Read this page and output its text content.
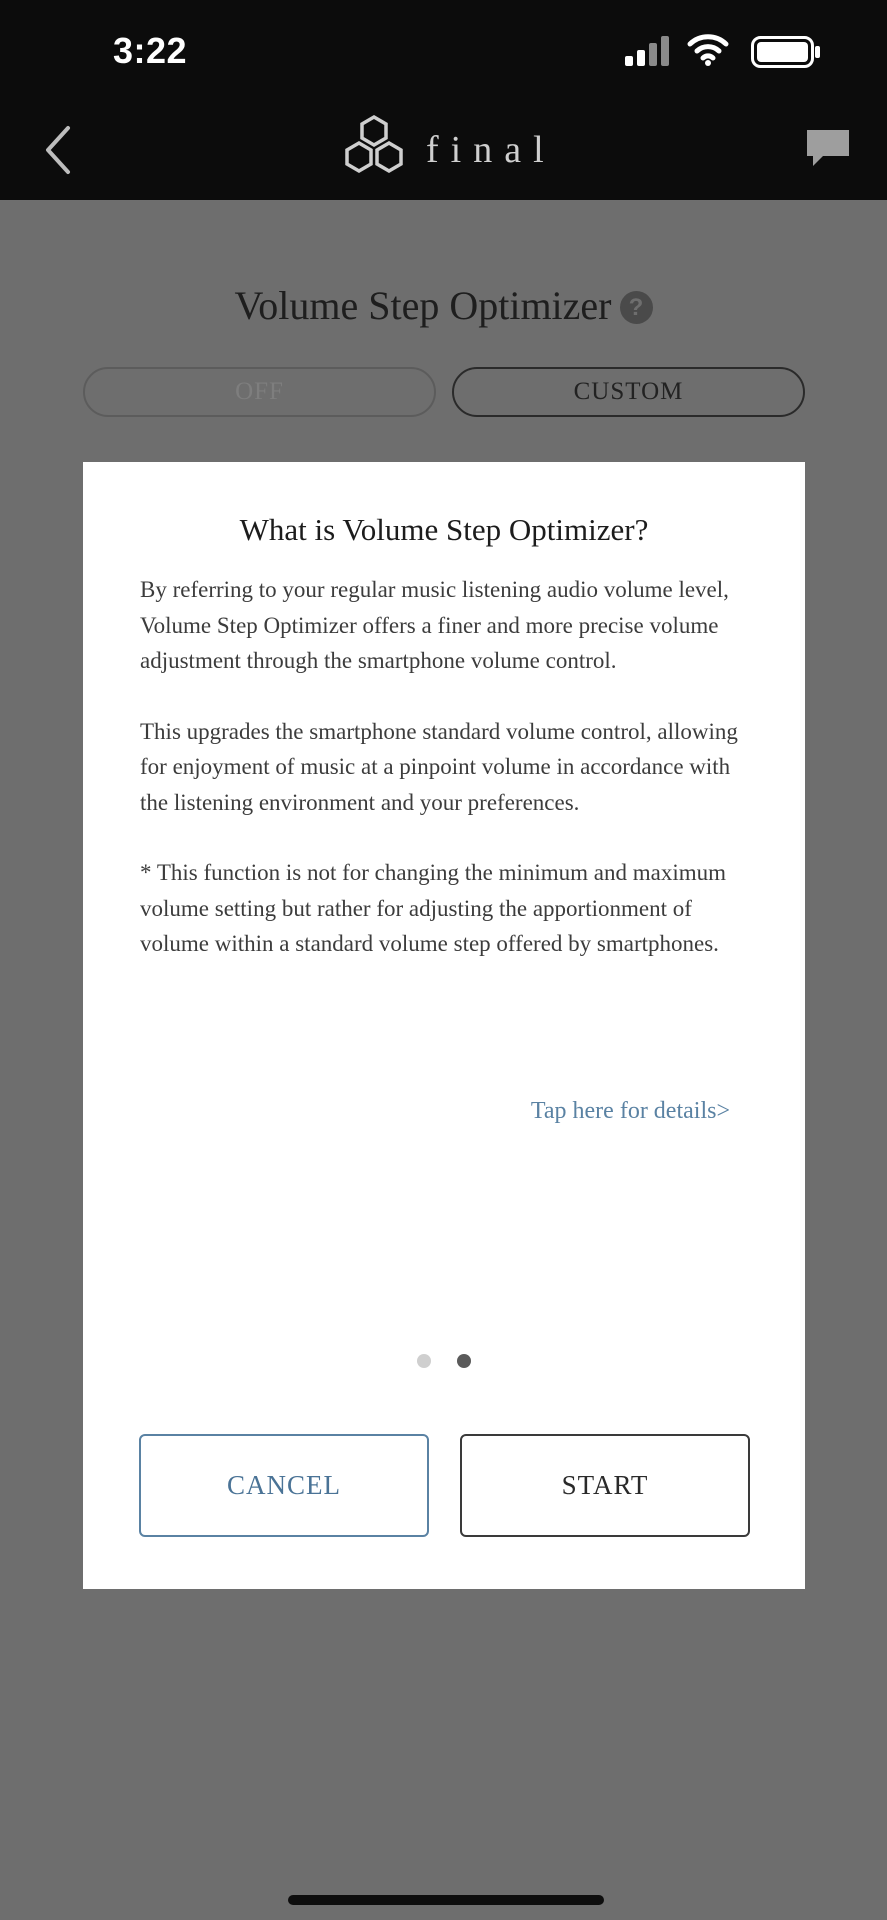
3:22
final
Volume Step Optimizer ?
OFF	CUSTOM
What is Volume Step Optimizer?

By referring to your regular music listening audio volume level, Volume Step Optimizer offers a finer and more precise volume adjustment through the smartphone volume control.

This upgrades the smartphone standard volume control, allowing for enjoyment of music at a pinpoint volume in accordance with the listening environment and your preferences.

* This function is not for changing the minimum and maximum volume setting but rather for adjusting the apportionment of volume within a standard volume step offered by smartphones.

Tap here for details>
CANCEL	START
